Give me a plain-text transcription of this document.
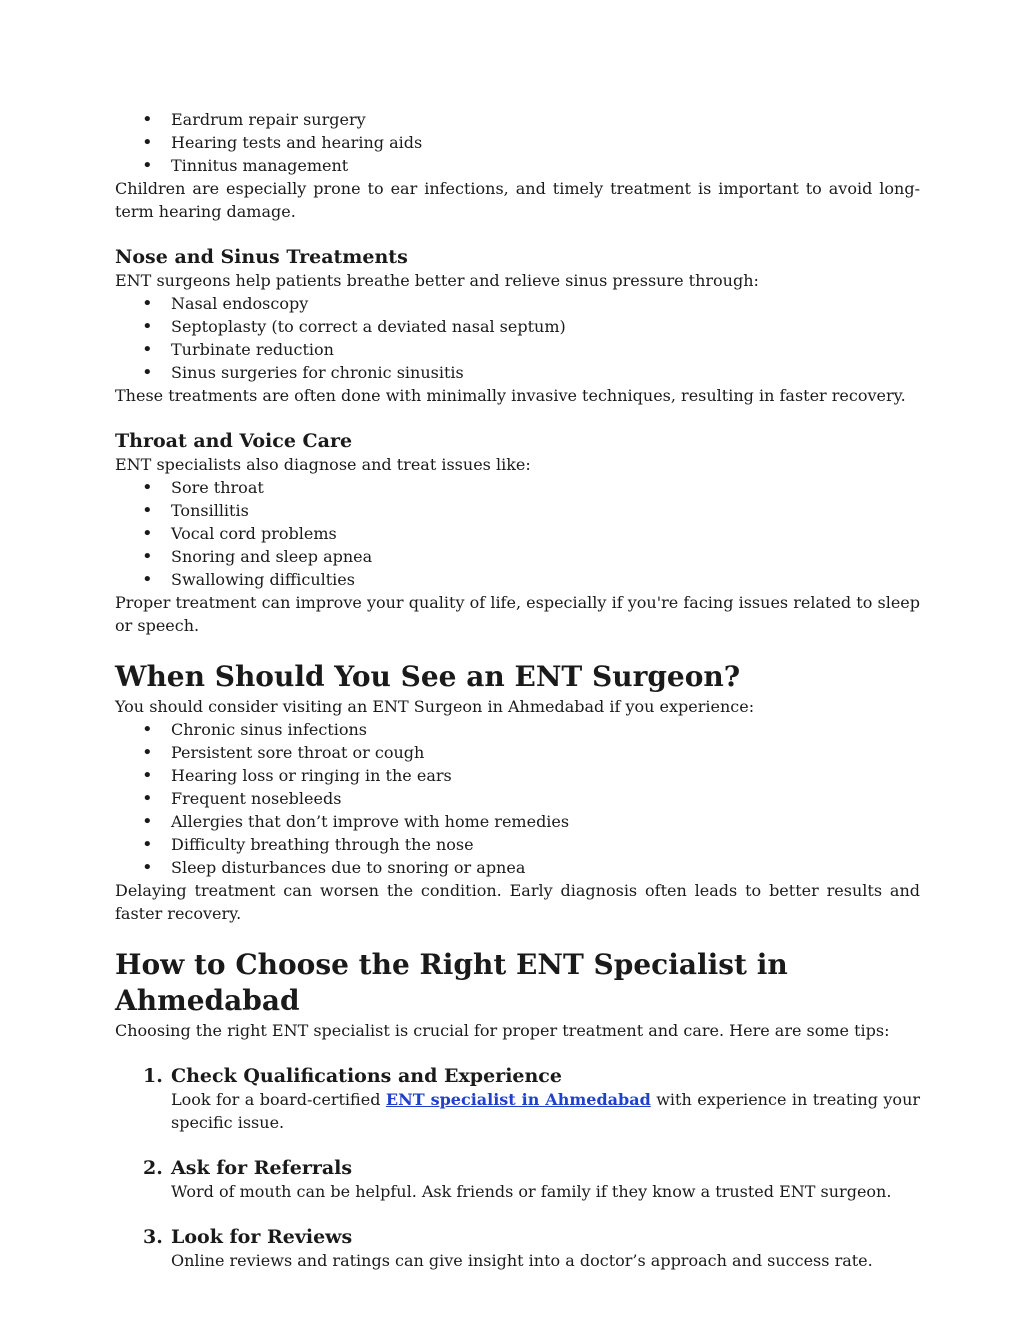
• Eardrum repair surgery
• Hearing tests and hearing aids
• Tinnitus management

Children are especially prone to ear infections, and timely treatment is important to avoid long-term hearing damage.

Nose and Sinus Treatments

ENT surgeons help patients breathe better and relieve sinus pressure through:

• Nasal endoscopy
• Septoplasty (to correct a deviated nasal septum)
• Turbinate reduction
• Sinus surgeries for chronic sinusitis

These treatments are often done with minimally invasive techniques, resulting in faster recovery.

Throat and Voice Care

ENT specialists also diagnose and treat issues like:

• Sore throat
• Tonsillitis
• Vocal cord problems
• Snoring and sleep apnea
• Swallowing difficulties

Proper treatment can improve your quality of life, especially if you're facing issues related to sleep or speech.

When Should You See an ENT Surgeon?

You should consider visiting an ENT Surgeon in Ahmedabad if you experience:

• Chronic sinus infections
• Persistent sore throat or cough
• Hearing loss or ringing in the ears
• Frequent nosebleeds
• Allergies that don’t improve with home remedies
• Difficulty breathing through the nose
• Sleep disturbances due to snoring or apnea

Delaying treatment can worsen the condition. Early diagnosis often leads to better results and faster recovery.

How to Choose the Right ENT Specialist in Ahmedabad

Choosing the right ENT specialist is crucial for proper treatment and care. Here are some tips:

1. Check Qualifications and Experience

Look for a board-certified ENT specialist in Ahmedabad with experience in treating your specific issue.

2. Ask for Referrals

Word of mouth can be helpful. Ask friends or family if they know a trusted ENT surgeon.

3. Look for Reviews

Online reviews and ratings can give insight into a doctor’s approach and success rate.
